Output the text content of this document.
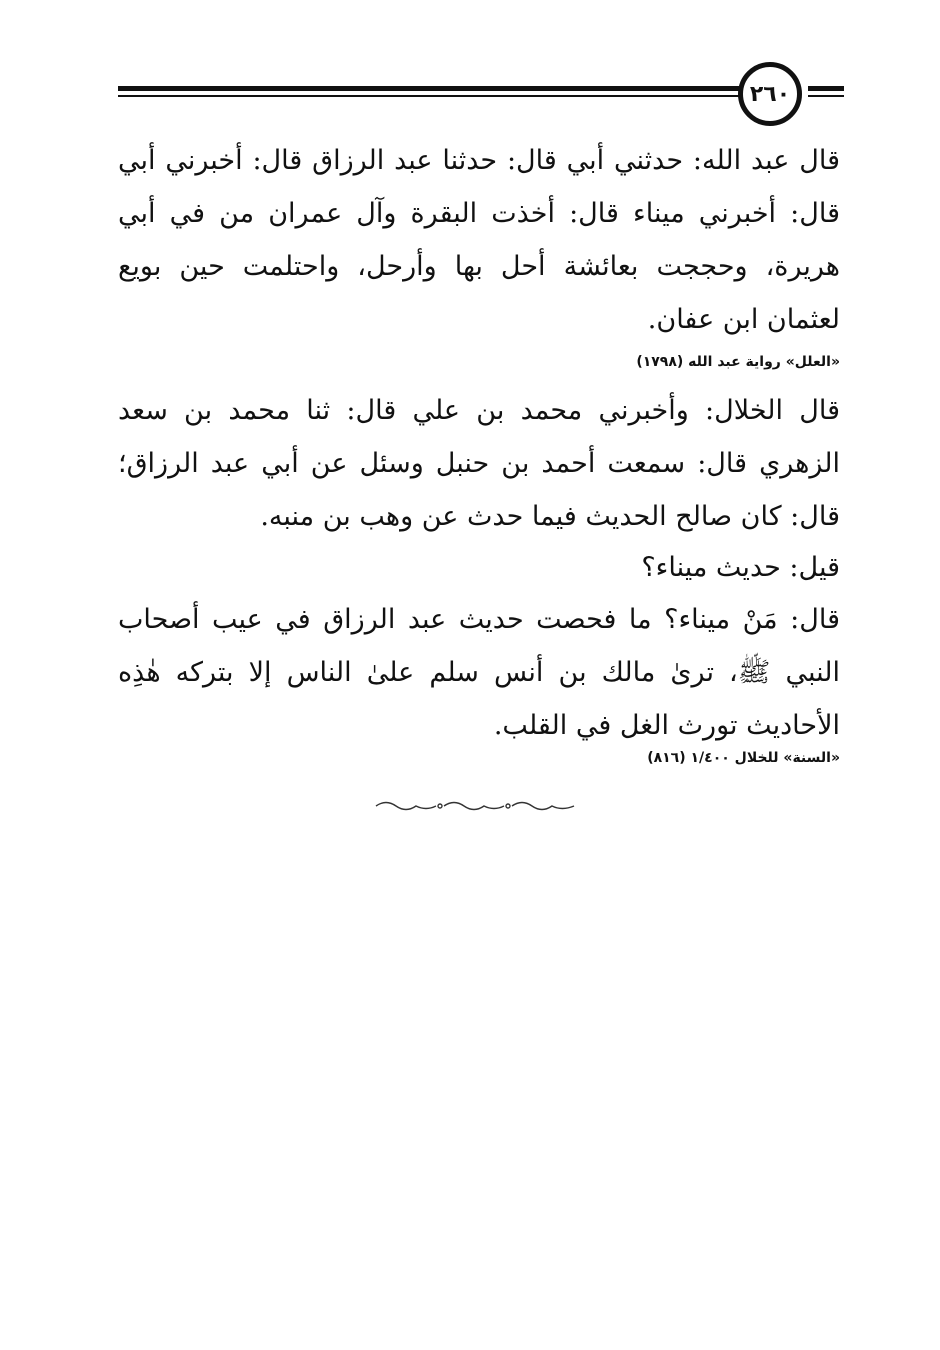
٢٦٠

قال عبد الله: حدثني أبي قال: حدثنا عبد الرزاق قال: أخبرني أبي قال: أخبرني ميناء قال: أخذت البقرة وآل عمران من في أبي هريرة، وحججت بعائشة أحل بها وأرحل، واحتلمت حين بويع لعثمان ابن عفان.

«العلل» رواية عبد الله (١٧٩٨)

قال الخلال: وأخبرني محمد بن علي قال: ثنا محمد بن سعد الزهري قال: سمعت أحمد بن حنبل وسئل عن أبي عبد الرزاق؛ قال: كان صالح الحديث فيما حدث عن وهب بن منبه.

قيل: حديث ميناء؟

قال: مَنْ ميناء؟ ما فحصت حديث عبد الرزاق في عيب أصحاب النبي ﷺ، ترىٰ مالك بن أنس سلم علىٰ الناس إلا بتركه هٰذِه الأحاديث تورث الغل في القلب.

«السنة» للخلال ١/٤٠٠ (٨١٦)
